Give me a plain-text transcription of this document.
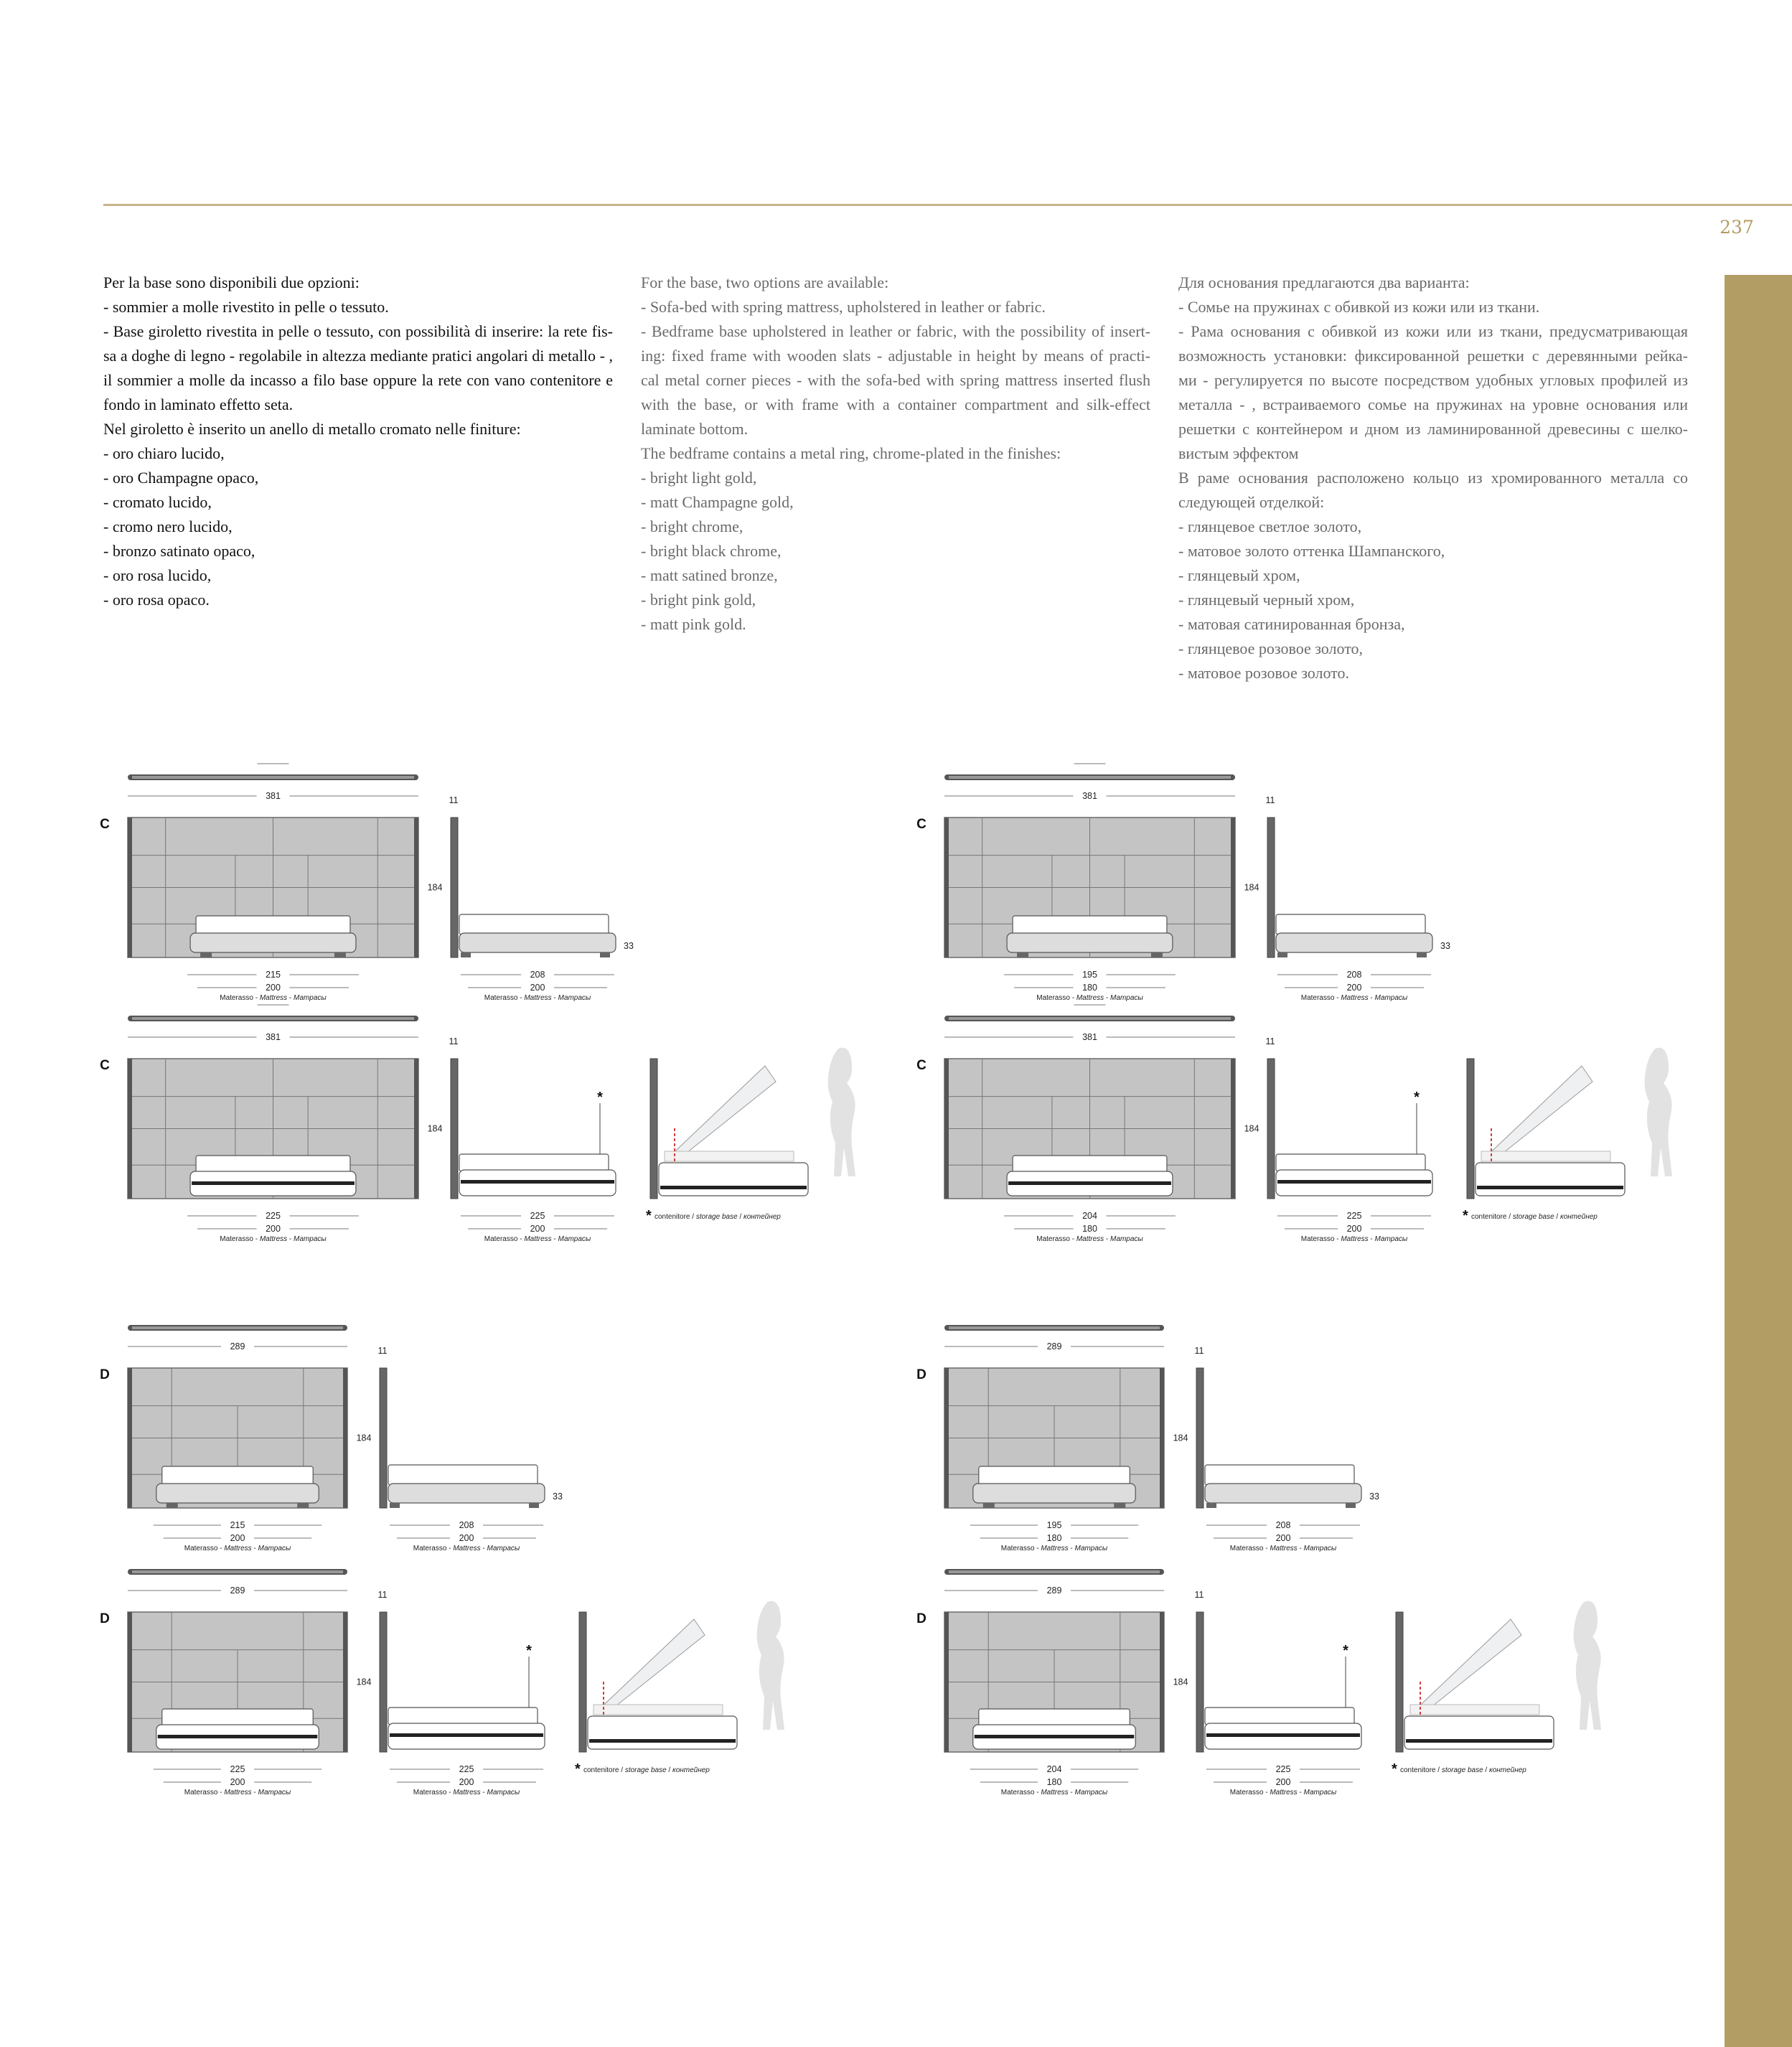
237
Per la base sono disponibili due opzioni:
- sommier a molle rivestito in pelle o tessuto.
- Base giroletto rivestita in pelle o tessuto, con possibilità di inserire: la rete fis-
sa a doghe di legno - regolabile in altezza mediante pratici angolari di metallo - ,
il sommier a molle da incasso a filo base oppure la rete con vano contenitore e
fondo in laminato effetto seta.
Nel giroletto è inserito un anello di metallo cromato nelle finiture:
- oro chiaro lucido,
- oro Champagne opaco,
- cromato lucido,
- cromo nero lucido,
- bronzo satinato opaco,
- oro rosa lucido,
- oro rosa opaco.
For the base, two options are available:
- Sofa-bed with spring mattress, upholstered in leather or fabric.
- Bedframe base upholstered in leather or fabric, with the possibility of insert-
ing: fixed frame with wooden slats - adjustable in height by means of practi-
cal metal corner pieces - with the sofa-bed with spring mattress inserted flush
with the base, or with frame with a container compartment and silk-effect
laminate bottom.
The bedframe contains a metal ring, chrome-plated in the finishes:
- bright light gold,
- matt Champagne gold,
- bright chrome,
- bright black chrome,
- matt satined bronze,
- bright pink gold,
- matt pink gold.
Для основания предлагаются два варианта:
- Сомье на пружинах с обивкой из кожи или из ткани.
- Рама основания с обивкой из кожи или из ткани, предусматривающая
возможность установки: фиксированной решетки с деревянными рейка-
ми - регулируется по высоте посредством удобных угловых профилей из
металла - , встраиваемого сомье на пружинах на уровне основания или
решетки с контейнером и дном из ламинированной древесины с шелко-
вистым эффектом
В раме основания расположено кольцо из хромированного металла со
следующей отделкой:
- глянцевое светлое золото,
- матовое золото оттенка Шампанского,
- глянцевый хром,
- глянцевый черный хром,
- матовая сатинированная бронза,
- глянцевое розовое золото,
- матовое розовое золото.
381
C
215
200
Materasso - Mattress - Матрасы
11
184
33
208
200
Materasso - Mattress - Матрасы
381
C
195
180
Materasso - Mattress - Матрасы
11
184
33
208
200
Materasso - Mattress - Матрасы
381
C
225
200
Materasso - Mattress - Матрасы
11
184
*
225
200
Materasso - Mattress - Матрасы
* contenitore / storage base / контейнер
381
C
204
180
Materasso - Mattress - Матрасы
11
184
*
225
200
Materasso - Mattress - Матрасы
* contenitore / storage base / контейнер
289
D
215
200
Materasso - Mattress - Матрасы
11
184
33
208
200
Materasso - Mattress - Матрасы
289
D
195
180
Materasso - Mattress - Матрасы
11
184
33
208
200
Materasso - Mattress - Матрасы
289
D
225
200
Materasso - Mattress - Матрасы
11
184
*
225
200
Materasso - Mattress - Матрасы
* contenitore / storage base / контейнер
289
D
204
180
Materasso - Mattress - Матрасы
11
184
*
225
200
Materasso - Mattress - Матрасы
* contenitore / storage base / контейнер
